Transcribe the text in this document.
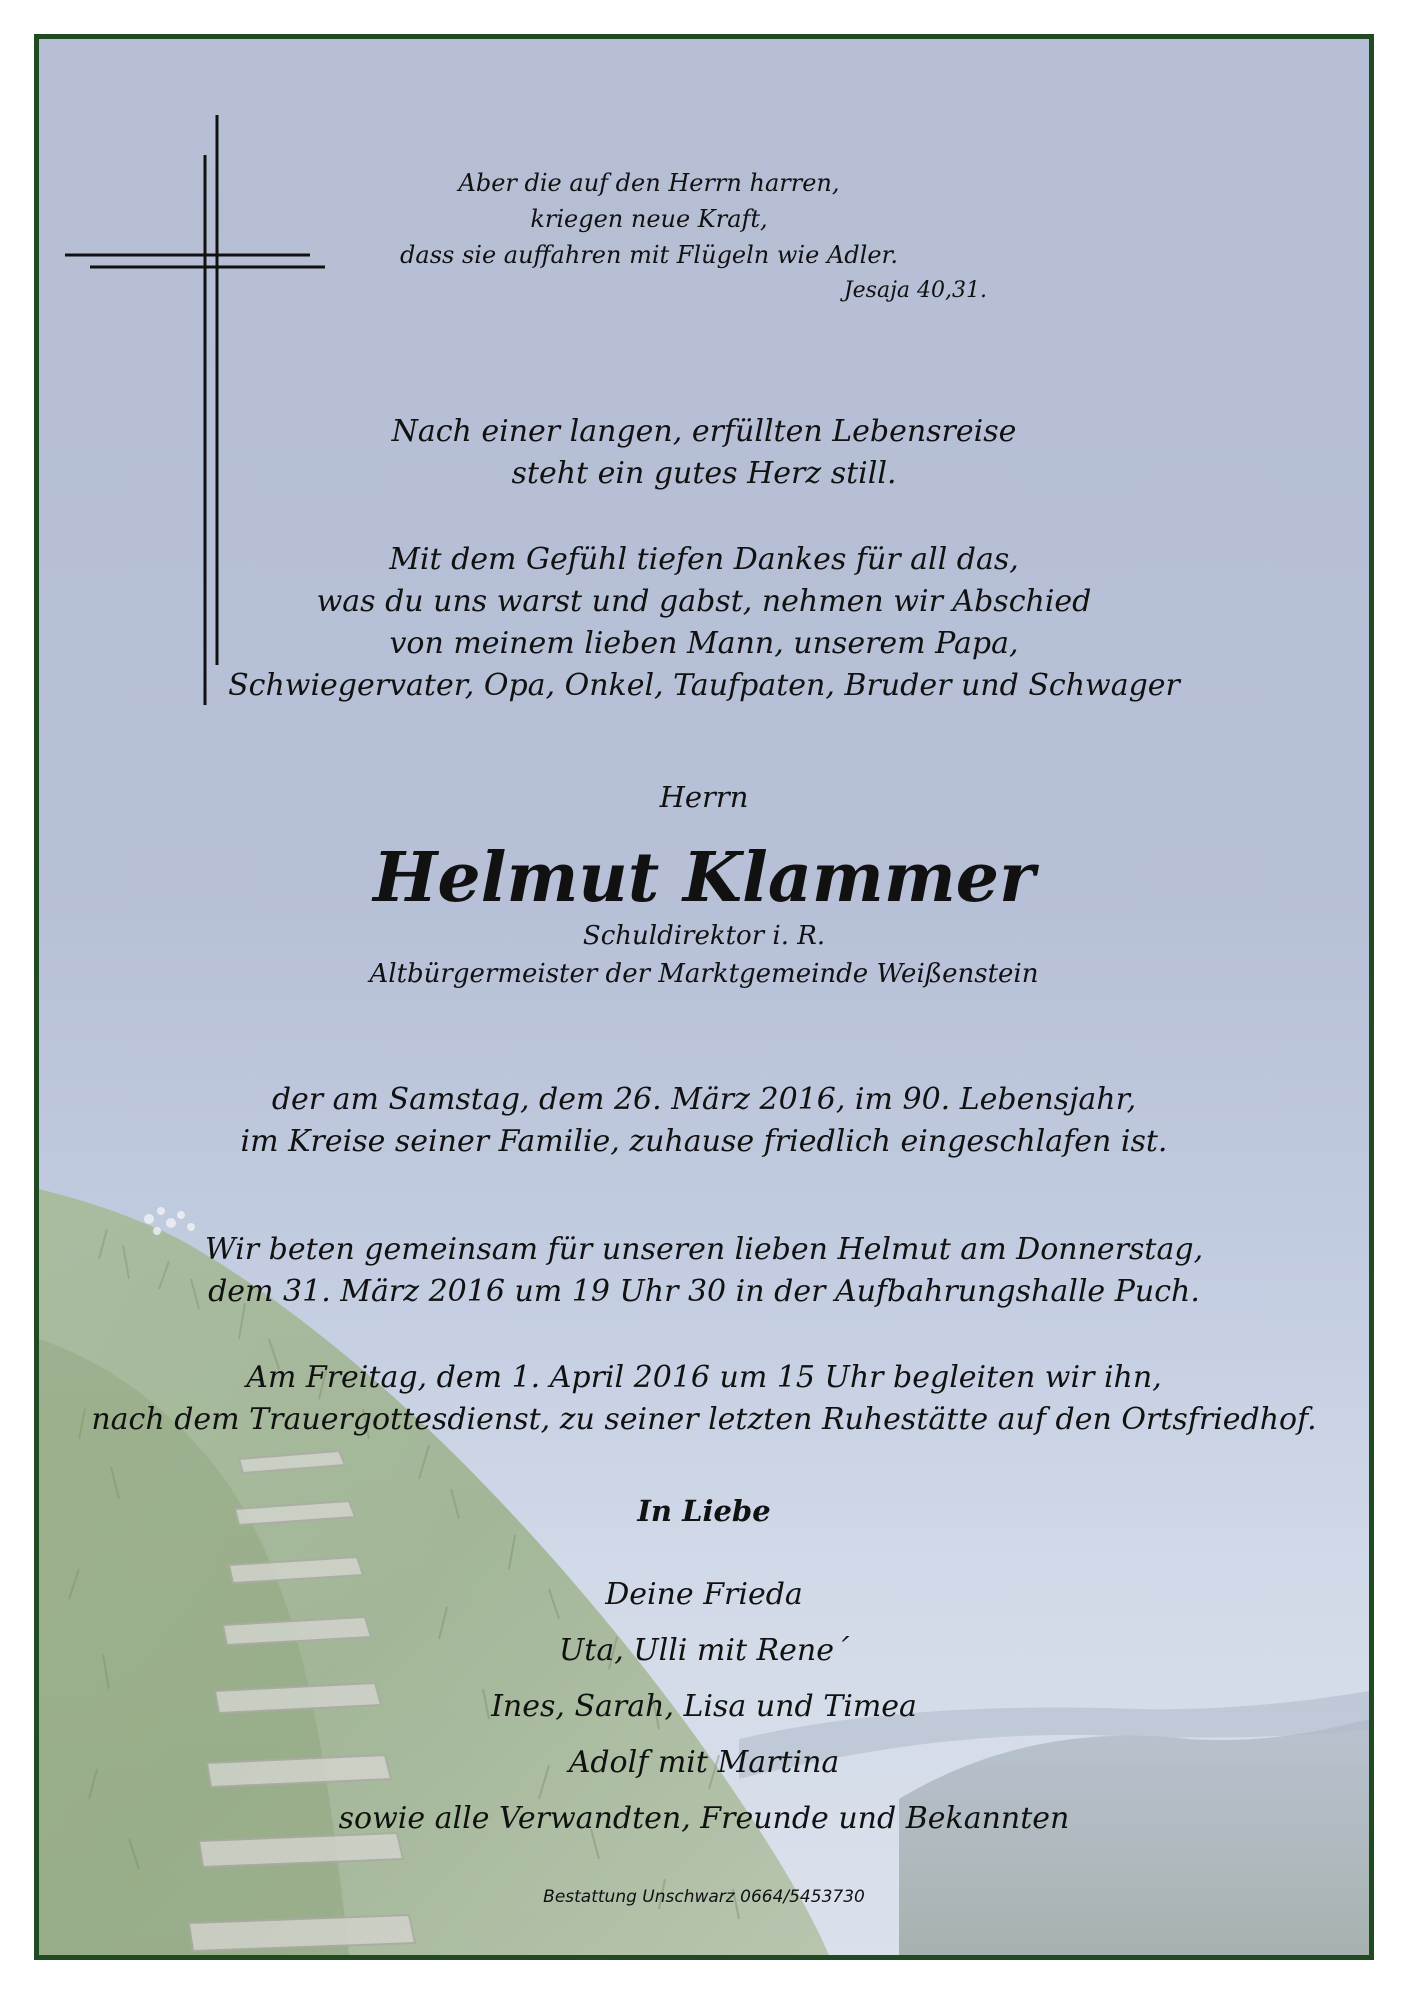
Aber die auf den Herrn harren,
kriegen neue Kraft,
dass sie auffahren mit Flügeln wie Adler.
Jesaja 40,31.
Nach einer langen, erfüllten Lebensreise
steht ein gutes Herz still.
Mit dem Gefühl tiefen Dankes für all das,
was du uns warst und gabst, nehmen wir Abschied
von meinem lieben Mann, unserem Papa,
Schwiegervater, Opa, Onkel, Taufpaten, Bruder und Schwager
Herrn
Helmut Klammer
Schuldirektor i. R.
Altbürgermeister der Marktgemeinde Weißenstein
der am Samstag, dem 26. März 2016, im 90. Lebensjahr,
im Kreise seiner Familie, zuhause friedlich eingeschlafen ist.
Wir beten gemeinsam für unseren lieben Helmut am Donnerstag,
dem 31. März 2016 um 19 Uhr 30 in der Aufbahrungshalle Puch.
Am Freitag, dem 1. April 2016 um 15 Uhr begleiten wir ihn,
nach dem Trauergottesdienst, zu seiner letzten Ruhestätte auf den Ortsfriedhof.
In Liebe
Deine Frieda
Uta, Ulli mit Rene´
Ines, Sarah, Lisa und Timea
Adolf mit Martina
sowie alle Verwandten, Freunde und Bekannten
Bestattung Unschwarz 0664/5453730
